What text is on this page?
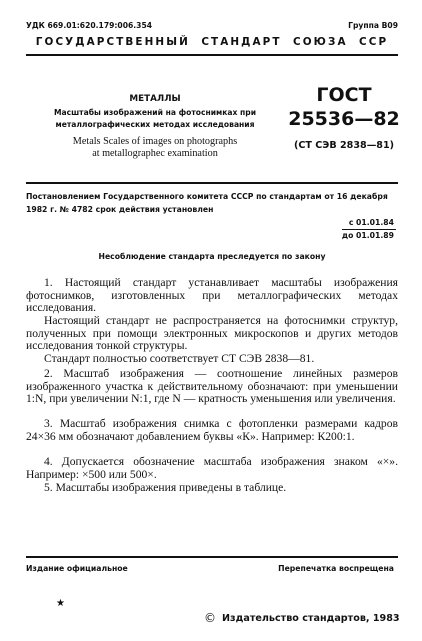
УДК 669.01:620.179:006.354	Группа В09
ГОСУДАРСТВЕННЫЙ  СТАНДАРТ  СОЮЗА  ССР
МЕТАЛЛЫ
Масштабы изображений на фотоснимках при
металлографических методах исследования
Metals Scales of images on photographs
at metallographec examination
ГОСТ
25536—82
(СТ СЭВ 2838—81)
Постановлением Государственного комитета СССР по стандартам от 16 декабря
1982 г. № 4782 срок действия установлен
с 01.01.84
до 01.01.89
Несоблюдение стандарта преследуется по закону

1. Настоящий стандарт устанавливает масштабы изображения фотоснимков, изготовленных при металлографических методах исследования.

Настоящий стандарт не распространяется на фотоснимки структур, полученных при помощи электронных микроскопов и других методов исследования тонкой структуры.

Стандарт полностью соответствует СТ СЭВ 2838—81.

2. Масштаб изображения — соотношение линейных размеров изображенного участка к действительному обозначают: при уменьшении 1:N, при увеличении N:1, где N — кратность уменьшения или увеличения.

3. Масштаб изображения снимка с фотопленки размерами кадров 24×36 мм обозначают добавлением буквы «К». Например: К200:1.

4. Допускается обозначение масштаба изображения знаком «×». Например: ×500 или 500×.

5. Масштабы изображения приведены в таблице.

Издание официальное	Перепечатка воспрещена
★
© Издательство стандартов, 1983
